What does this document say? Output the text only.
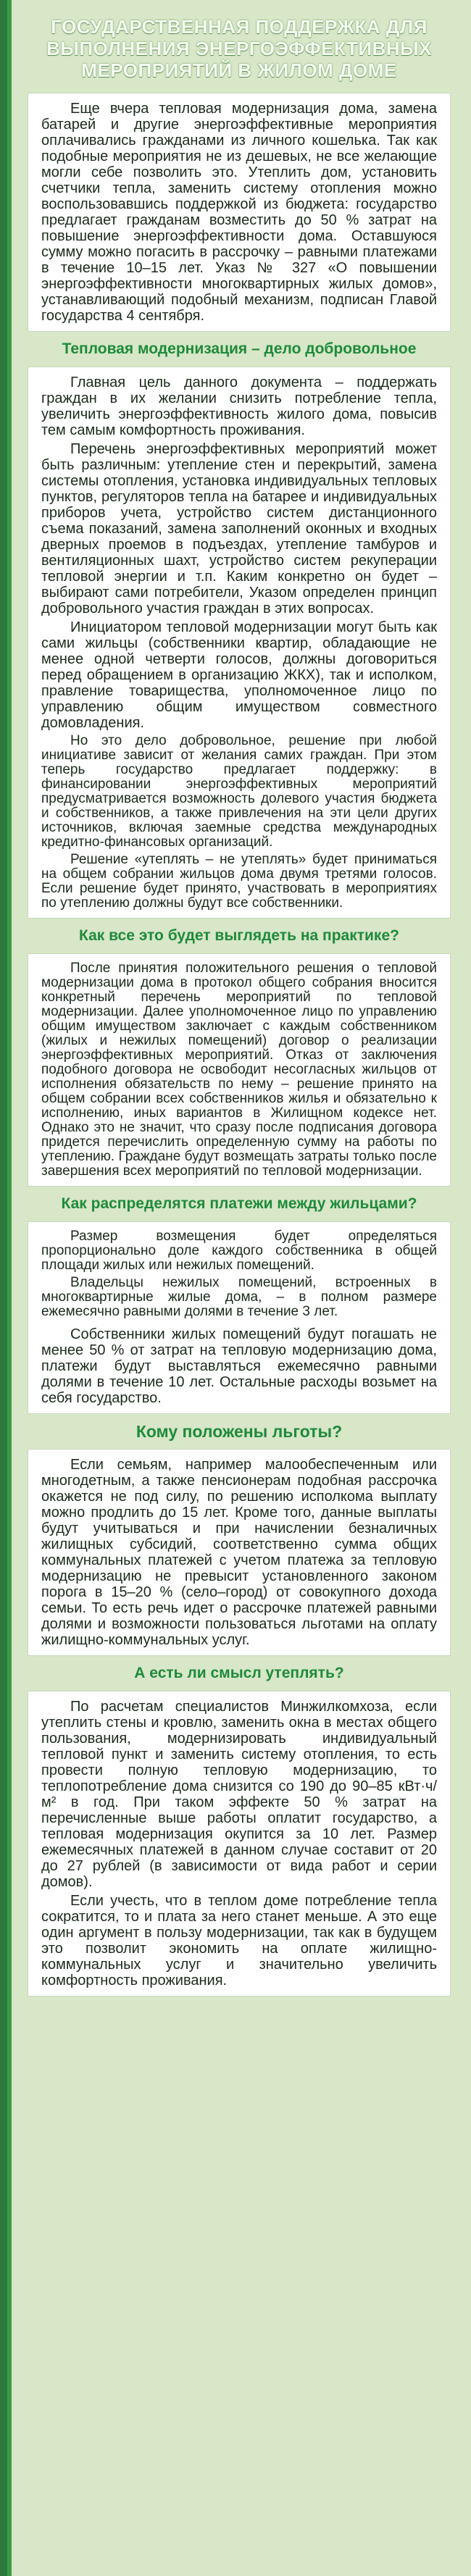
ГОСУДАРСТВЕННАЯ ПОДДЕРЖКА ДЛЯ ВЫПОЛНЕНИЯ ЭНЕРГОЭФФЕКТИВНЫХ МЕРОПРИЯТИЙ В ЖИЛОМ ДОМЕ

Еще вчера тепловая модернизация дома, замена батарей и другие энергоэффективные мероприятия оплачивались гражданами из личного кошелька. Так как подобные мероприятия не из дешевых, не все желающие могли себе позволить это. Утеплить дом, установить счетчики тепла, заменить систему отопления можно воспользовавшись поддержкой из бюджета: государство предлагает гражданам возместить до 50 % затрат на повышение энергоэффективности дома. Оставшуюся сумму можно погасить в рассрочку – равными платежами в течение 10–15 лет. Указ № 327 «О повышении энергоэффективности многоквартирных жилых домов», устанавливающий подобный механизм, подписан Главой государства 4 сентября.

Тепловая модернизация – дело добровольное

Главная цель данного документа – поддержать граждан в их желании снизить потребление тепла, увеличить энергоэффективность жилого дома, повысив тем самым комфортность проживания.

Перечень энергоэффективных мероприятий может быть различным: утепление стен и перекрытий, замена системы отопления, установка индивидуальных тепловых пунктов, регуляторов тепла на батарее и индивидуальных приборов учета, устройство систем дистанционного съема показаний, замена заполнений оконных и входных дверных проемов в подъездах, утепление тамбуров и вентиляционных шахт, устройство систем рекуперации тепловой энергии и т.п. Каким конкретно он будет – выбирают сами потребители, Указом определен принцип добровольного участия граждан в этих вопросах.

Инициатором тепловой модернизации могут быть как сами жильцы (собственники квартир, обладающие не менее одной четверти голосов, должны договориться перед обращением в организацию ЖКХ), так и исполком, правление товарищества, уполномоченное лицо по управлению общим имуществом совместного домовладения.

Но это дело добровольное, решение при любой инициативе зависит от желания самих граждан. При этом теперь государство предлагает поддержку: в финансировании энергоэффективных мероприятий предусматривается возможность долевого участия бюджета и собственников, а также привлечения на эти цели других источников, включая заемные средства международных кредитно-финансовых организаций.

Решение «утеплять – не утеплять» будет приниматься на общем собрании жильцов дома двумя третями голосов. Если решение будет принято, участвовать в мероприятиях по утеплению должны будут все собственники.

Как все это будет выглядеть на практике?

После принятия положительного решения о тепловой модернизации дома в протокол общего собрания вносится конкретный перечень мероприятий по тепловой модернизации. Далее уполномоченное лицо по управлению общим имуществом заключает с каждым собственником (жилых и нежилых помещений) договор о реализации энергоэффективных мероприятий. Отказ от заключения подобного договора не освободит несогласных жильцов от исполнения обязательств по нему – решение принято на общем собрании всех собственников жилья и обязательно к исполнению, иных вариантов в Жилищном кодексе нет. Однако это не значит, что сразу после подписания договора придется перечислить определенную сумму на работы по утеплению. Граждане будут возмещать затраты только после завершения всех мероприятий по тепловой модернизации.

Как распределятся платежи между жильцами?

Размер возмещения будет определяться пропорционально доле каждого собственника в общей площади жилых или нежилых помещений.

Владельцы нежилых помещений, встроенных в многоквартирные жилые дома, – в полном размере ежемесячно равными долями в течение 3 лет.

Собственники жилых помещений будут погашать не менее 50 % от затрат на тепловую модернизацию дома, платежи будут выставляться ежемесячно равными долями в течение 10 лет. Остальные расходы возьмет на себя государство.

Кому положены льготы?

Если семьям, например малообеспеченным или многодетным, а также пенсионерам подобная рассрочка окажется не под силу, по решению исполкома выплату можно продлить до 15 лет. Кроме того, данные выплаты будут учитываться и при начислении безналичных жилищных субсидий, соответственно сумма общих коммунальных платежей с учетом платежа за тепловую модернизацию не превысит установленного законом порога в 15–20 % (село–город) от совокупного дохода семьи. То есть речь идет о рассрочке платежей равными долями и возможности пользоваться льготами на оплату жилищно-коммунальных услуг.

А есть ли смысл утеплять?

По расчетам специалистов Минжилкомхоза, если утеплить стены и кровлю, заменить окна в местах общего пользования, модернизировать индивидуальный тепловой пункт и заменить систему отопления, то есть провести полную тепловую модернизацию, то теплопотребление дома снизится со 190 до 90–85 кВт·ч/м² в год. При таком эффекте 50 % затрат на перечисленные выше работы оплатит государство, а тепловая модернизация окупится за 10 лет. Размер ежемесячных платежей в данном случае составит от 20 до 27 рублей (в зависимости от вида работ и серии домов).

Если учесть, что в теплом доме потребление тепла сократится, то и плата за него станет меньше. А это еще один аргумент в пользу модернизации, так как в будущем это позволит экономить на оплате жилищно-коммунальных услуг и значительно увеличить комфортность проживания.
